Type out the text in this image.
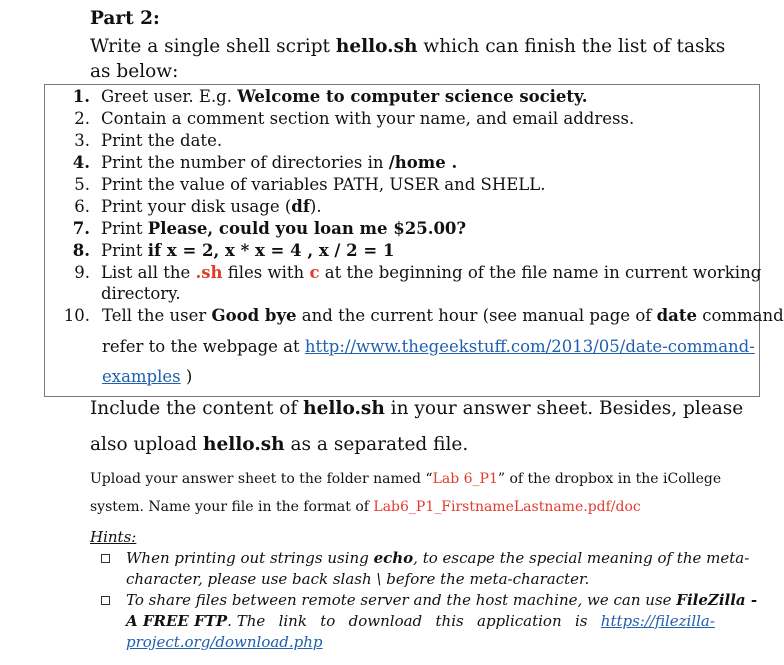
Part 2:
Write a single shell script hello.sh which can finish the list of tasks
as below:
1. Greet user. E.g. Welcome to computer science society.
2. Contain a comment section with your name, and email address.
3. Print the date.
4. Print the number of directories in /home .
5. Print the value of variables PATH, USER and SHELL.
6. Print your disk usage (df).
7. Print Please, could you loan me $25.00?
8. Print if x = 2, x * x = 4 , x / 2 = 1
9. List all the .sh files with c at the beginning of the file name in current working
directory.
10. Tell the user Good bye and the current hour (see manual page of date command
refer to the webpage at http://www.thegeekstuff.com/2013/05/date-command-
examples )
Include the content of hello.sh in your answer sheet. Besides, please
also upload hello.sh as a separated file.
Upload your answer sheet to the folder named “Lab 6_P1” of the dropbox in the iCollege
system. Name your file in the format of Lab6_P1_FirstnameLastname.pdf/doc
Hints:
When printing out strings using echo, to escape the special meaning of the meta-
character, please use back slash \ before the meta-character.
To share files between remote server and the host machine, we can use FileZilla -
A FREE FTP. The link to download this application is https://filezilla-
project.org/download.php
